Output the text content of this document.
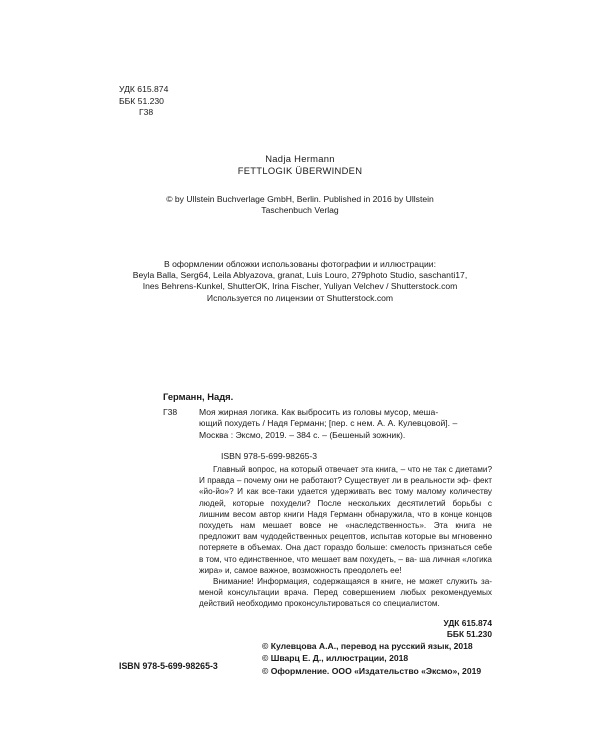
УДК 615.874
ББК 51.230
Г38
Nadja Hermann
FETTLOGIK ÜBERWINDEN
© by Ullstein Buchverlage GmbH, Berlin. Published in 2016 by Ullstein
Taschenbuch Verlag
В оформлении обложки использованы фотографии и иллюстрации:
Beyla Balla, Serg64, Leila Ablyazova, granat, Luis Louro, 279photo Studio, saschanti17,
Ines Behrens-Kunkel, ShutterOK, Irina Fischer, Yuliyan Velchev / Shutterstock.com
Используется по лицензии от Shutterstock.com
Германн, Надя.
Г38	Моя жирная логика. Как выбросить из головы мусор, меша-
ющий похудеть / Надя Германн; [пер. с нем. А. А. Кулевцовой]. –
Москва : Эксмо, 2019. – 384 с. – (Бешеный зожник).
ISBN 978-5-699-98265-3

Главный вопрос, на который отвечает эта книга, – что не так с диетами? И правда – почему они не работают? Существует ли в реальности эф- фект «йо-йо»? И как все-таки удается удерживать вес тому малому количеству людей, которые похудели? После нескольких десятилетий борьбы с лишним весом автор книги Надя Германн обнаружила, что в конце концов похудеть нам мешает вовсе не «наследственность». Эта книга не предложит вам чудодейственных рецептов, испытав которые вы мгновенно потеряете в объемах. Она даст гораздо больше: смелость признаться себе в том, что единственное, что мешает вам похудеть, – ва- ша личная «логика жира» и, самое важное, возможность преодолеть ее!

Внимание! Информация, содержащаяся в книге, не может служить за- меной консультации врача. Перед совершением любых рекомендуемых действий необходимо проконсультироваться со специалистом.

УДК 615.874
ББК 51.230
ISBN 978-5-699-98265-3
© Кулевцова А.А., перевод на русский язык, 2018
© Шварц Е. Д., иллюстрации, 2018
© Оформление. ООО «Издательство «Эксмо», 2019
